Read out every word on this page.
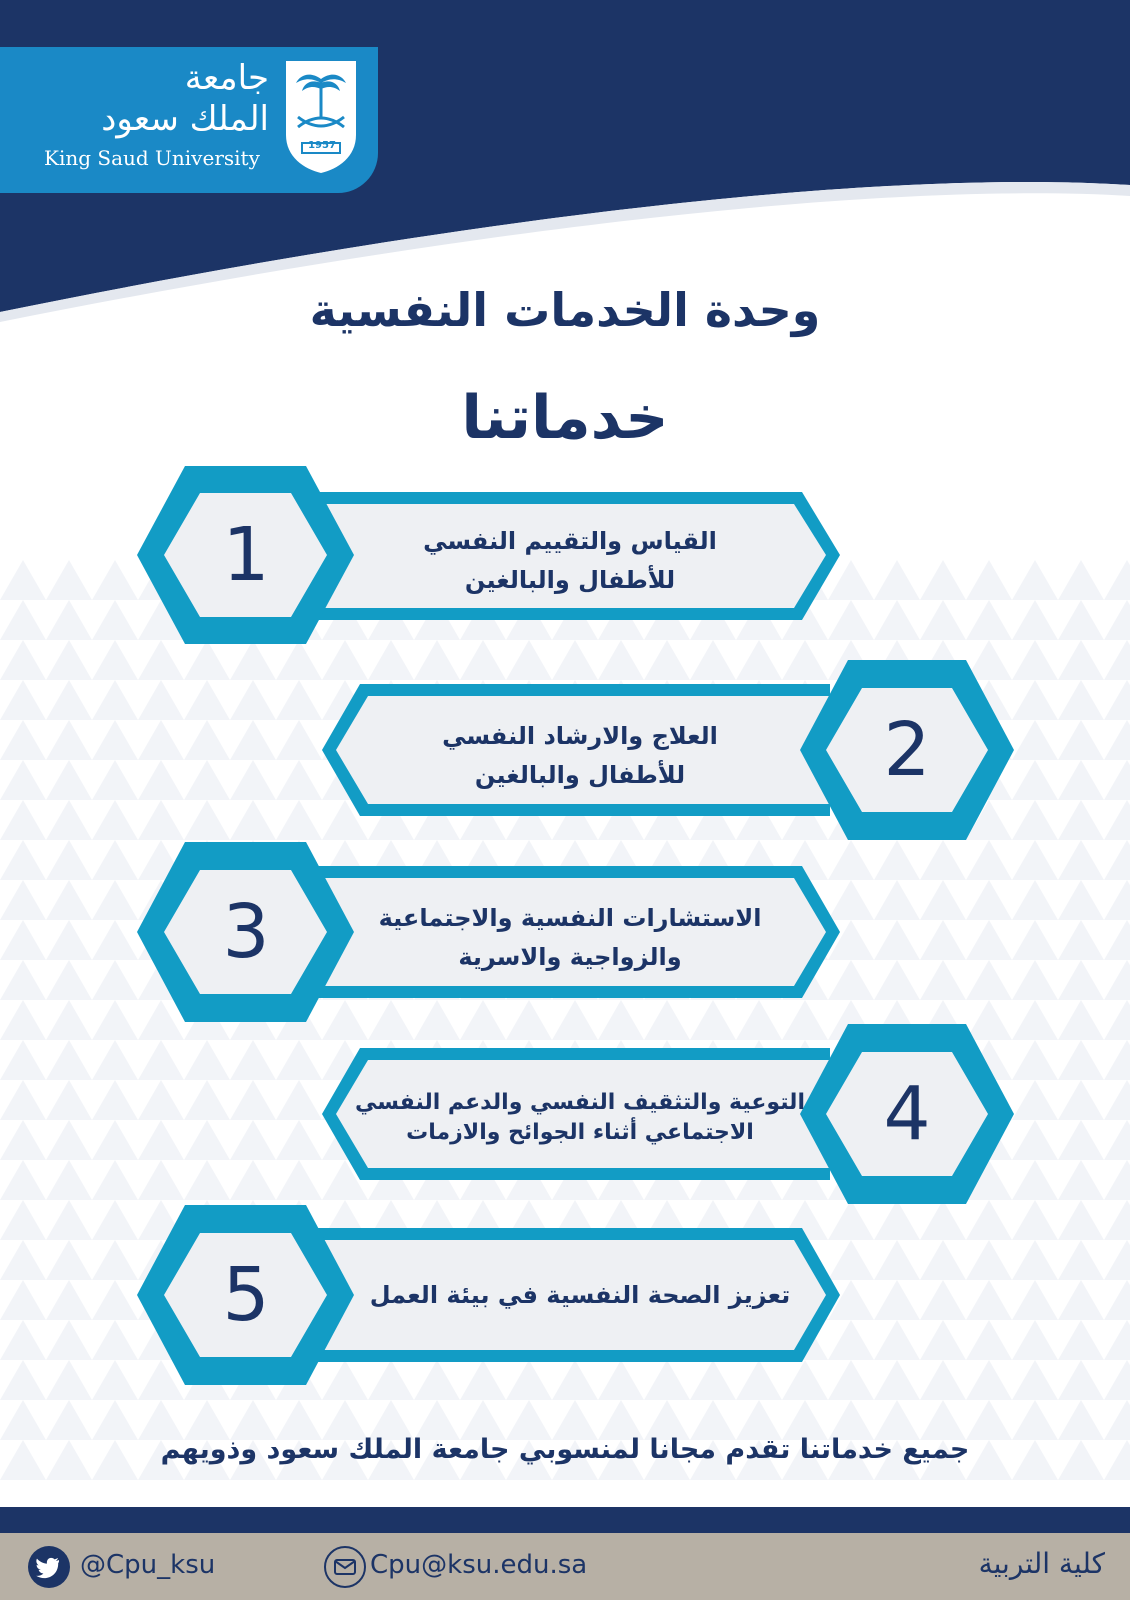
جامعة
الملك سعود
King Saud University
1957
وحدة الخدمات النفسية
خدماتنا
1
2
3
4
5
القياس والتقييم النفسي
للأطفال والبالغين
العلاج والارشاد النفسي
للأطفال والبالغين
الاستشارات النفسية والاجتماعية
والزواجية والاسرية
التوعية والتثقيف النفسي والدعم النفسي
الاجتماعي أثناء الجوائح والازمات
تعزيز الصحة النفسية في بيئة العمل
جميع خدماتنا تقدم مجانا لمنسوبي جامعة الملك سعود وذويهم
@Cpu_ksu	Cpu@ksu.edu.sa	كلية التربية
